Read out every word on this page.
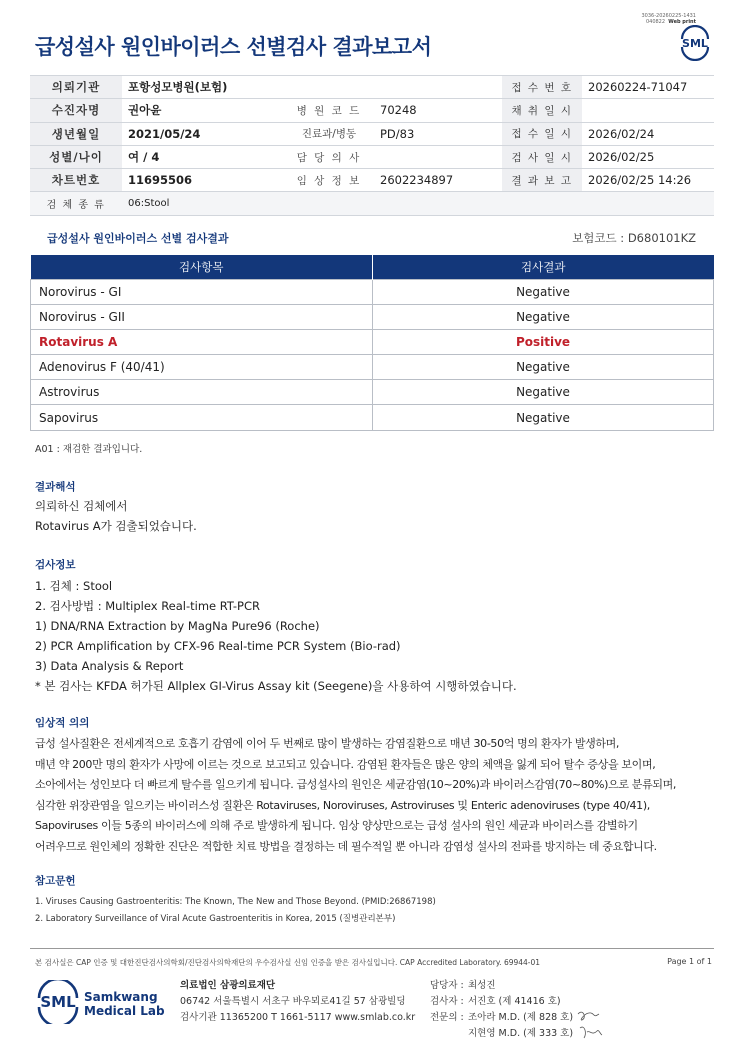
3036-20260225-1431
040822 Web print
급성설사 원인바이러스 선별검사 결과보고서	SML
의뢰기관	포항성모병원(보험)			접 수 번 호	20260224-71047
수진자명	권아윤	병 원 코 드	70248	채 취 일 시	
생년월일	2021/05/24	진료과/병동	PD/83	접 수 일 시	2026/02/24
성별/나이	여 / 4	담 당 의 사		검 사 일 시	2026/02/25
차트번호	11695506	임 상 정 보	2602234897	결 과 보 고	2026/02/25 14:26
검 체 종 류	06:Stool				
급성설사 원인바이러스 선별 검사결과	보험코드 : D680101KZ
검사항목	검사결과
Norovirus - GI	Negative
Norovirus - GII	Negative
Rotavirus A	Positive
Adenovirus F (40/41)	Negative
Astrovirus	Negative
Sapovirus	Negative
A01 : 재검한 결과입니다.
결과해석
의뢰하신 검체에서
Rotavirus A가 검출되었습니다.
검사정보
1. 검체 : Stool
2. 검사방법 : Multiplex Real-time RT-PCR
1) DNA/RNA Extraction by MagNa Pure96 (Roche)
2) PCR Amplification by CFX-96 Real-time PCR System (Bio-rad)
3) Data Analysis & Report
* 본 검사는 KFDA 허가된 Allplex GI-Virus Assay kit (Seegene)을 사용하여 시행하였습니다.
임상적 의의
급성 설사질환은 전세계적으로 호흡기 감염에 이어 두 번째로 많이 발생하는 감염질환으로 매년 30-50억 명의 환자가 발생하며,
매년 약 200만 명의 환자가 사망에 이르는 것으로 보고되고 있습니다. 감염된 환자들은 많은 양의 체액을 잃게 되어 탈수 증상을 보이며,
소아에서는 성인보다 더 빠르게 탈수를 일으키게 됩니다. 급성설사의 원인은 세균감염(10~20%)과 바이러스감염(70~80%)으로 분류되며,
심각한 위장관염을 일으키는 바이러스성 질환은 Rotaviruses, Noroviruses, Astroviruses 및 Enteric adenoviruses (type 40/41),
Sapoviruses 이들 5종의 바이러스에 의해 주로 발생하게 됩니다. 임상 양상만으로는 급성 설사의 원인 세균과 바이러스를 감별하기
어려우므로 원인체의 정확한 진단은 적합한 치료 방법을 결정하는 데 필수적일 뿐 아니라 감염성 설사의 전파를 방지하는 데 중요합니다.
참고문헌
1. Viruses Causing Gastroenteritis: The Known, The New and Those Beyond. (PMID:26867198)
2. Laboratory Surveillance of Viral Acute Gastroenteritis in Korea, 2015 (질병관리본부)
본 검사실은 CAP 인증 및 대한진단검사의학회/진단검사의학재단의 우수검사실 신임 인증을 받은 검사실입니다. CAP Accredited Laboratory. 69944-01	Page 1 of 1
SML Samkwang
Medical Lab
의료법인 삼광의료재단
06742 서울특별시 서초구 바우뫼로41길 57 삼광빌딩
검사기관 11365200 T 1661-5117 www.smlab.co.kr
담당자 : 최성진
검사자 : 서진호 (제 41416 호)
전문의 : 조아라 M.D. (제 828 호)
지현영 M.D. (제 333 호)
